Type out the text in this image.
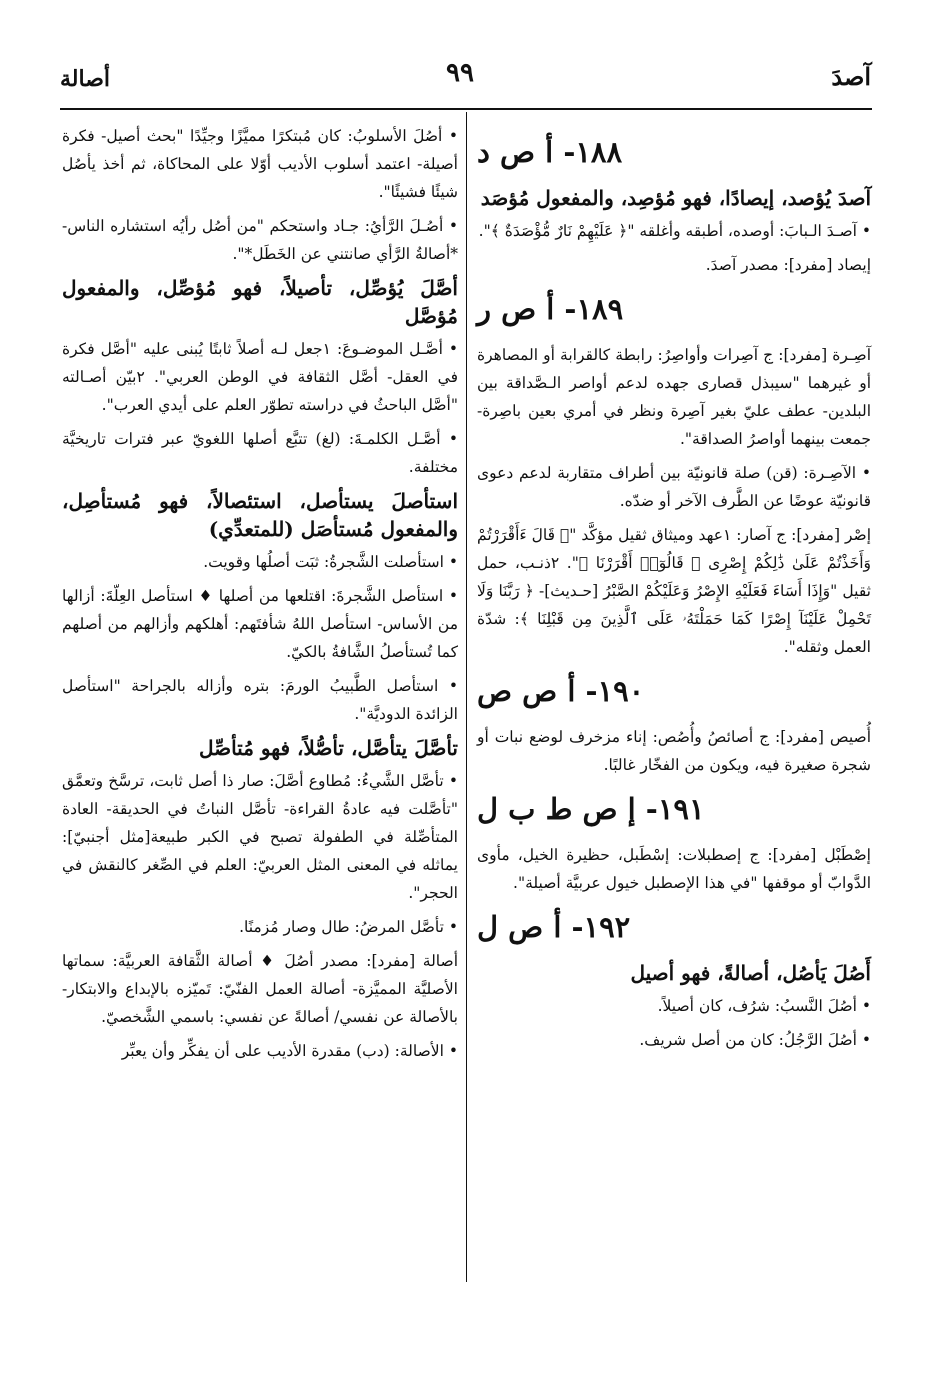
آصدَ
٩٩
أصالة
١٨٨- أ ص د

آصدَ يُؤصد، إيصادًا، فهو مُؤصِد، والمفعول مُؤصَد

• آصـدَ الـبابَ: أوصده، أطبقه وأغلقه "﴿ عَلَيْهِمْ نَارٌ مُّؤْصَدَةٌ ﴾".

إيصاد [مفرد]: مصدر آصدَ.

١٨٩- أ ص ر

آصِـرة [مفرد]: ج آصِرات وأواصِرُ: رابطة كالقرابة أو المصاهرة أو غيرهما "سيبذل قصارى جهده لدعم أواصر الـصَّداقة بين البلدين- عطف عليّ بغير آصِرة ونظر في أمري بعين باصِرة- جمعت بينهما أواصرُ الصداقة".

• الآصِـرة: (قن) صلة قانونيّة بين أطراف متقاربة لدعم دعوى قانونيّة عوضًا عن الطَّرف الآخر أو ضدّه.

إصْر [مفرد]: ج آصار: ١عهد وميثاق ثقيل مؤكَّد "﴿ قَالَ ءَأَقْرَرْتُمْ وَأَخَذْتُمْ عَلَىٰ ذَٰلِكُمْ إِصْرِى ۖ قَالُوٓا۟ أَقْرَرْنَا ﴾". ٢ذنـب، حمل ثقيل "وَإِذَا أَسَاءَ فَعَلَيْهِ الإِصْرُ وَعَلَيْكُمْ الصَّبْرُ [حـديث]- ﴿ رَبَّنَا وَلَا تَحْمِلْ عَلَيْنَآ إِصْرًا كَمَا حَمَلْتَهُۥ عَلَى ٱلَّذِينَ مِن قَبْلِنَا ﴾: شدّة العمل وثقله".

١٩٠- أ ص ص

أُصيص [مفرد]: ج أصائصُ وأُصُص: إناء مزخرف لوضع نبات أو شجرة صغيرة فيه، ويكون من الفخّار غالبًا.

١٩١- إ ص ط ب ل

إصْطَبْل [مفرد]: ج إصطبلات: إسْطَبل، حظيرة الخيل، مأوى الدَّوابّ أو موقفها "في هذا الإصطبل خيول عربيَّة أصيلة".

١٩٢- أ ص ل

أَصُلَ يَأصُل، أصالةً، فهو أصيل

• أصُلَ النَّسبُ: شرُف، كان أصيلاً.

• أصُلَ الرَّجُلُ: كان من أصل شريف.

• أصُلَ الأسلوبُ: كان مُبتكرًا مميَّزًا وجيِّدًا "بحث أصيل- فكرة أصيلة- اعتمد أسلوب الأديب أوّلا على المحاكاة، ثم أخذ يأصُل شيئًا فشيئًا".

• أصُـلَ الرَّأيُ: جـاد واستحكم "من أصُل رأيُه استشاره الناس- *أصالةُ الرَّأي صانتني عن الخَطَل*".

أصَّلَ يُؤصِّل، تأصيلاً، فهو مُؤصِّل، والمفعول مُؤصَّل

• أصَّـل الموضـوعَ: ١جعل لـه أصلاً ثابتًا يُبنى عليه "أصَّل فكرة في العقل- أصَّل الثقافة في الوطن العربي". ٢بيّن أصـالته "أصَّل الباحثُ في دراسته تطوّر العلم على أيدي العرب".

• أصَّـل الكلمـةَ: (لغ) تتبَّع أصلها اللغويّ عبر فترات تاريخيَّة مختلفة.

استأصلَ يستأصل، استئصالاً، فهو مُستأصِل، والمفعول مُستأصَل (للمتعدِّي)

• استأصلت الشَّجرةُ: ثبَت أصلُها وقويت.

• استأصل الشَّجرةَ: اقتلعها من أصلها ♦ استأصل العِلّةَ: أزالها من الأساس- استأصل اللهُ شأفتَهم: أهلكهم وأزالهم من أصلهم كما تُستأصلُ الشَّافةُ بالكيّ.

• استأصل الطَّبيبُ الورمَ: بتره وأزاله بالجراحة "استأصل الزائدة الدوديَّة".

تأصَّلَ يتأصَّل، تأصُّلاً، فهو مُتأصِّل

• تأصَّل الشَّيءُ: مُطاوع أصَّلَ: صار ذا أصل ثابت، ترسَّخ وتعمَّق "تأصَّلت فيه عادةُ القراءة- تأصَّل النباتُ في الحديقة- العادة المتأصِّلة في الطفولة تصبح في الكبر طبيعة[مثل أجنبيّ]: يماثله في المعنى المثل العربيّ: العلم في الصِّغر كالنقش في الحجر".

• تأصَّل المرضُ: طال وصار مُزمنًا.

أصالة [مفرد]: مصدر أصُلَ ♦ أصالة الثَّقافة العربيَّة: سماتها الأصليَّة المميَّزة- أصالة العمل الفنّيّ: تَميّزه بالإبداع والابتكار- بالأصالة عن نفسي/ أصالةً عن نفسي: باسمي الشَّخصيّ.

• الأصالة: (دب) مقدرة الأديب على أن يفكِّر وأن يعبِّر
